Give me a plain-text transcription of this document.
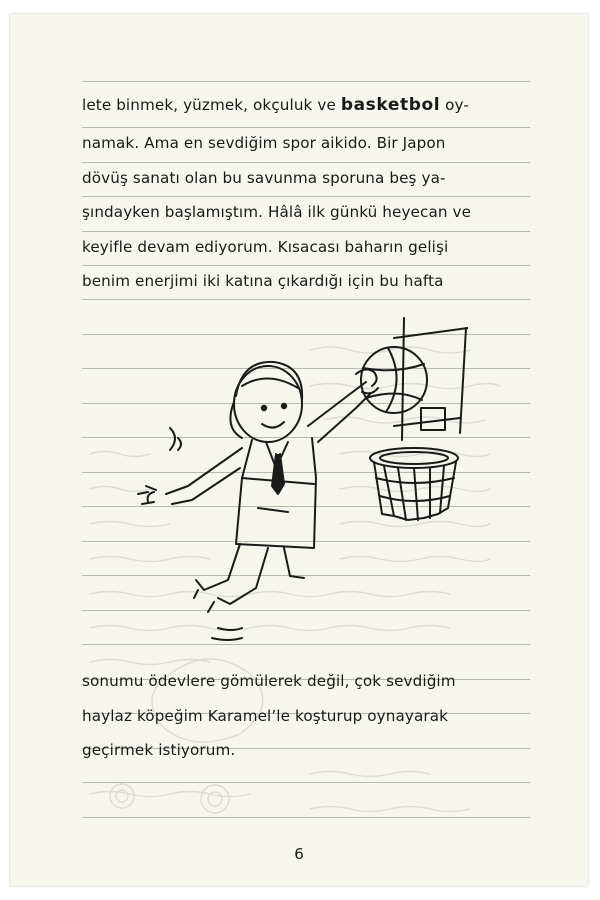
lete binmek, yüzmek, okçuluk ve basketbol oy-
namak. Ama en sevdiğim spor aikido. Bir Japon
dövüş sanatı olan bu savunma sporuna beş ya-
şındayken başlamıştım. Hâlâ ilk günkü heyecan ve
keyifle devam ediyorum. Kısacası baharın gelişi
benim enerjimi iki katına çıkardığı için bu hafta
sonumu ödevlere gömülerek değil, çok sevdiğim
haylaz köpeğim Karamel’le koşturup oynayarak
geçirmek istiyorum.
6
